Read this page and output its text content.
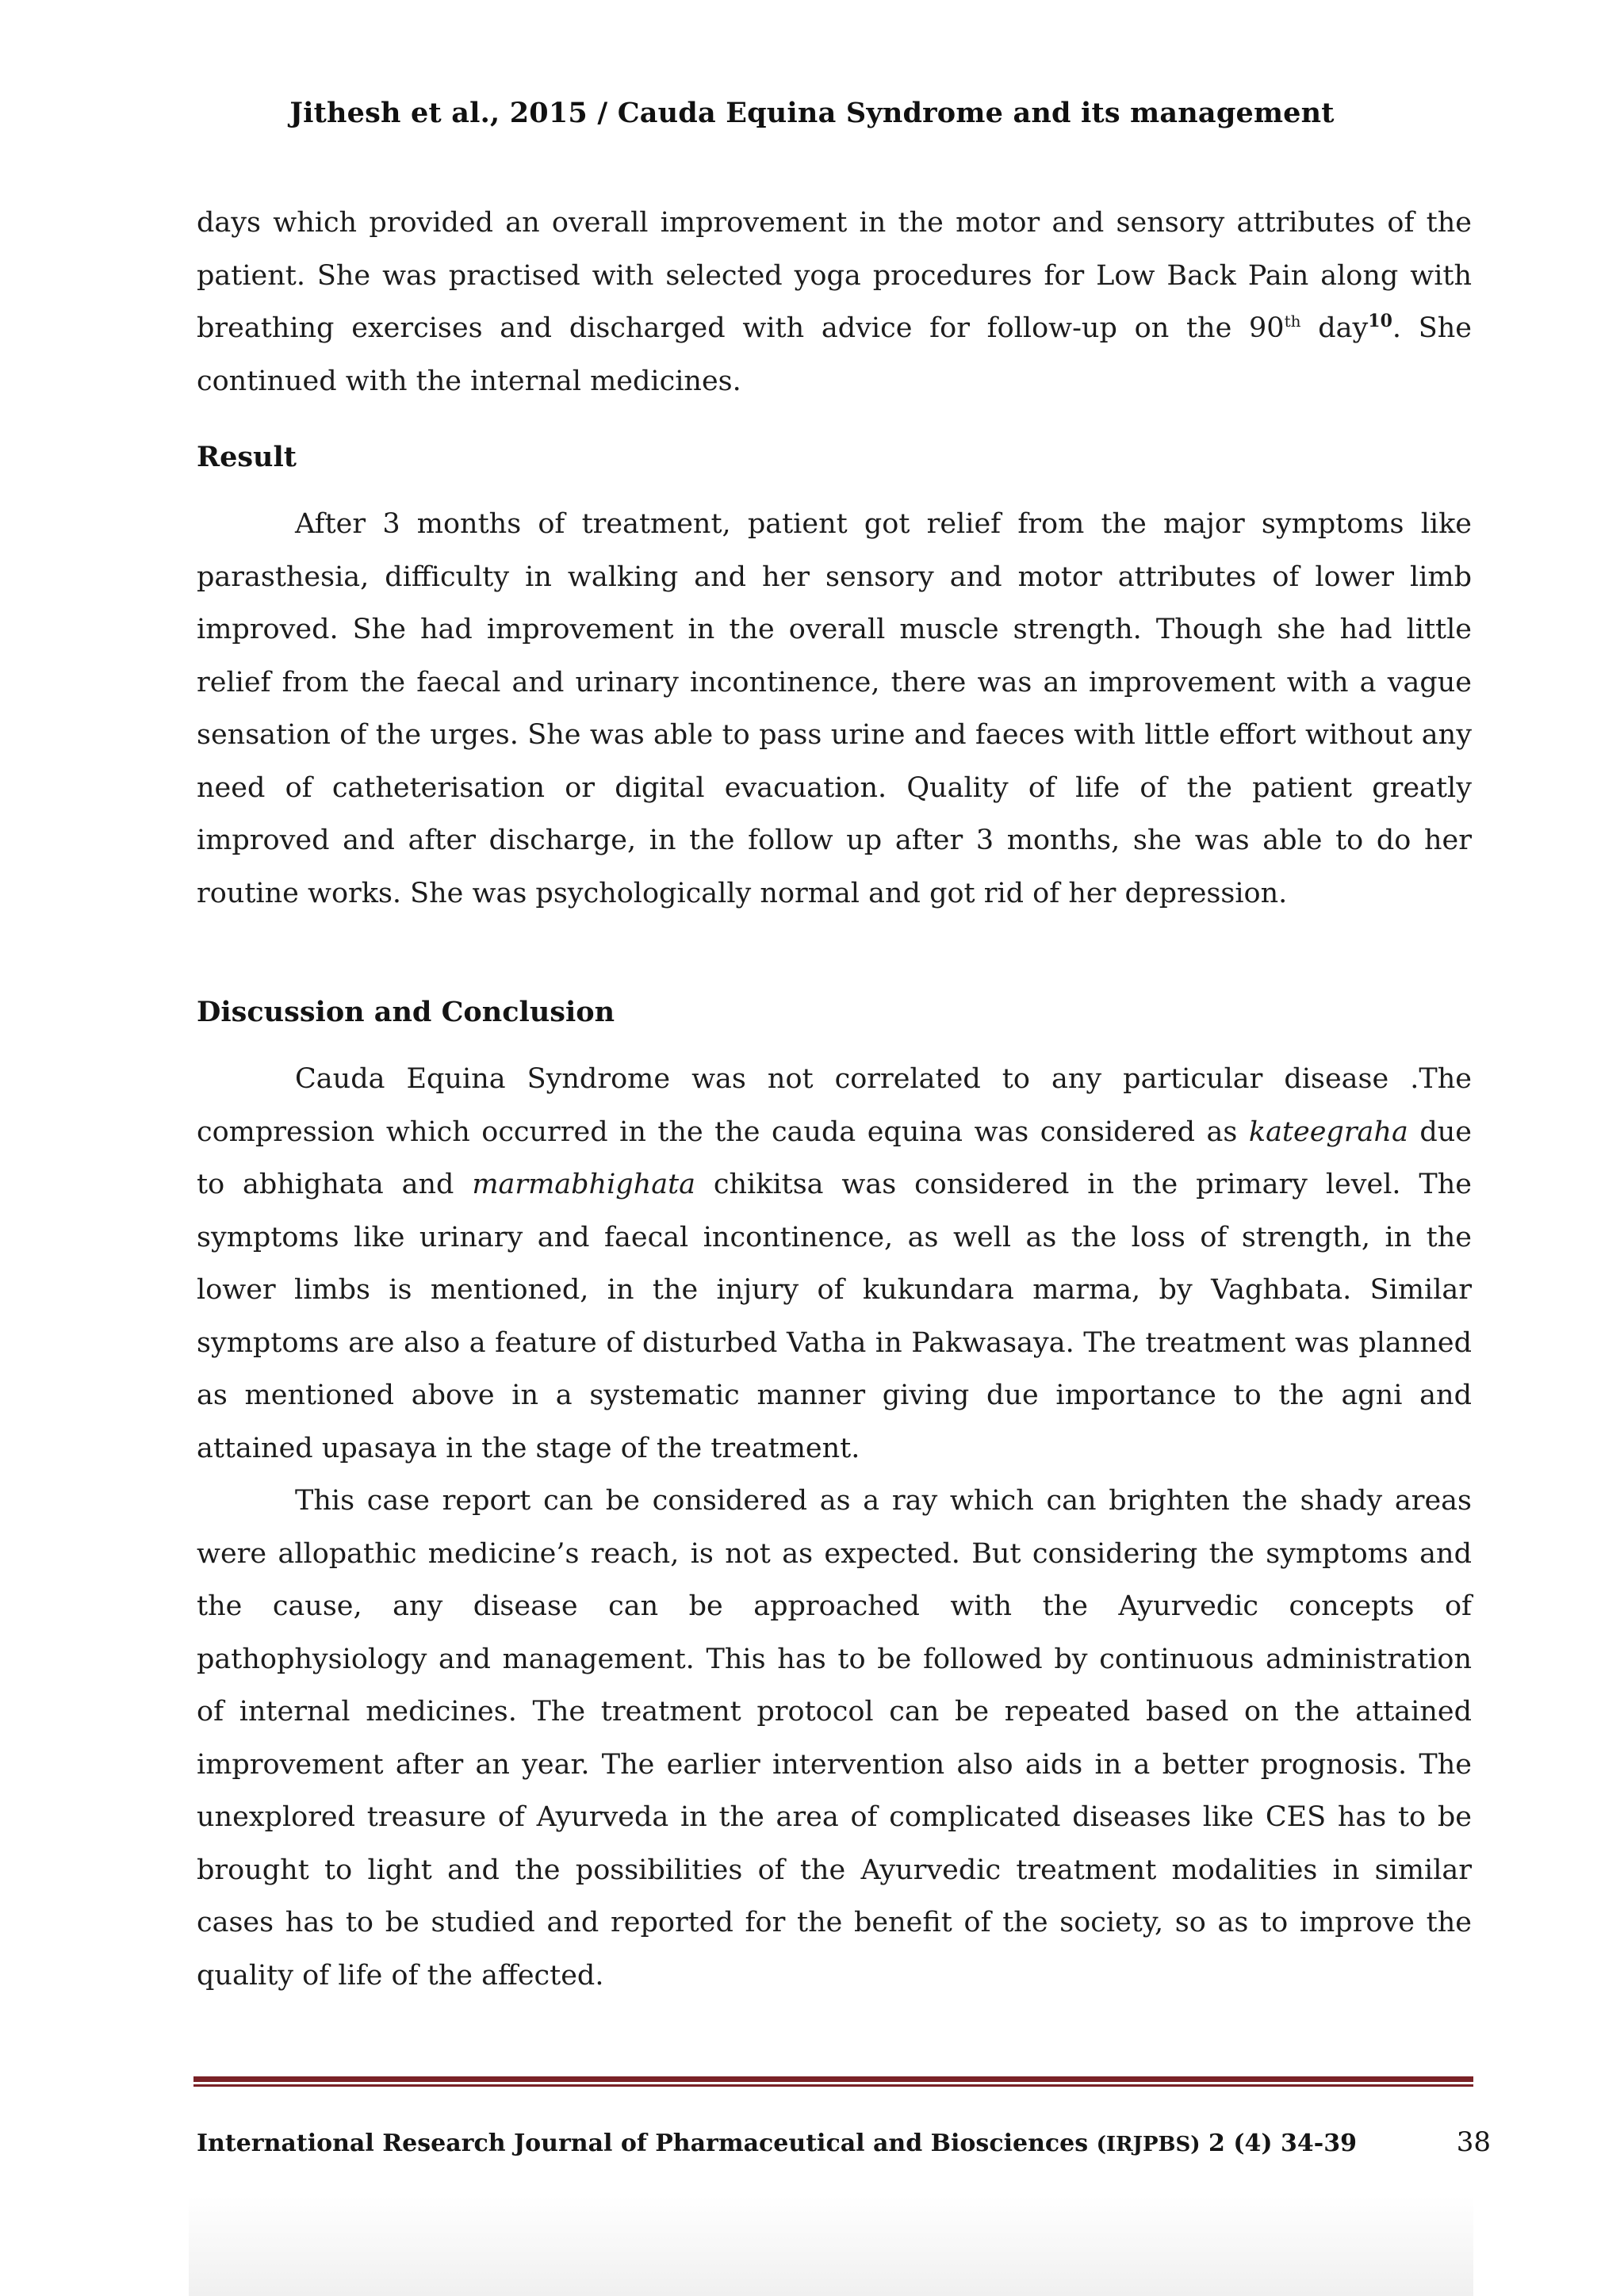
Jithesh et al., 2015 / Cauda Equina Syndrome and its management

days which provided an overall improvement in the motor and sensory attributes of the patient. She was practised with selected yoga procedures for Low Back Pain along with breathing exercises and discharged with advice for follow-up on the 90th day$^{10}$. She continued with the internal medicines.

Result

After 3 months of treatment, patient got relief from the major symptoms like parasthesia, difficulty in walking and her sensory and motor attributes of lower limb improved. She had improvement in the overall muscle strength. Though she had little relief from the faecal and urinary incontinence, there was an improvement with a vague sensation of the urges. She was able to pass urine and faeces with little effort without any need of catheterisation or digital evacuation. Quality of life of the patient greatly improved and after discharge, in the follow up after 3 months, she was able to do her routine works. She was psychologically normal and got rid of her depression.

Discussion and Conclusion

Cauda Equina Syndrome was not correlated to any particular disease .The compression which occurred in the the cauda equina was considered as kateegraha due to abhighata and marmabhighata chikitsa was considered in the primary level. The symptoms like urinary and faecal incontinence, as well as the loss of strength, in the lower limbs is mentioned, in the injury of kukundara marma, by Vaghbata. Similar symptoms are also a feature of disturbed Vatha in Pakwasaya. The treatment was planned as mentioned above in a systematic manner giving due importance to the agni and attained upasaya in the stage of the treatment.

This case report can be considered as a ray which can brighten the shady areas were allopathic medicine’s reach, is not as expected. But considering the symptoms and the cause, any disease can be approached with the Ayurvedic concepts of pathophysiology and management. This has to be followed by continuous administration of internal medicines. The treatment protocol can be repeated based on the attained improvement after an year. The earlier intervention also aids in a better prognosis. The unexplored treasure of Ayurveda in the area of complicated diseases like CES has to be brought to light and the possibilities of the Ayurvedic treatment modalities in similar cases has to be studied and reported for the benefit of the society, so as to improve the quality of life of the affected.

International Research Journal of Pharmaceutical and Biosciences (IRJPBS) 2 (4) 34-39	38
